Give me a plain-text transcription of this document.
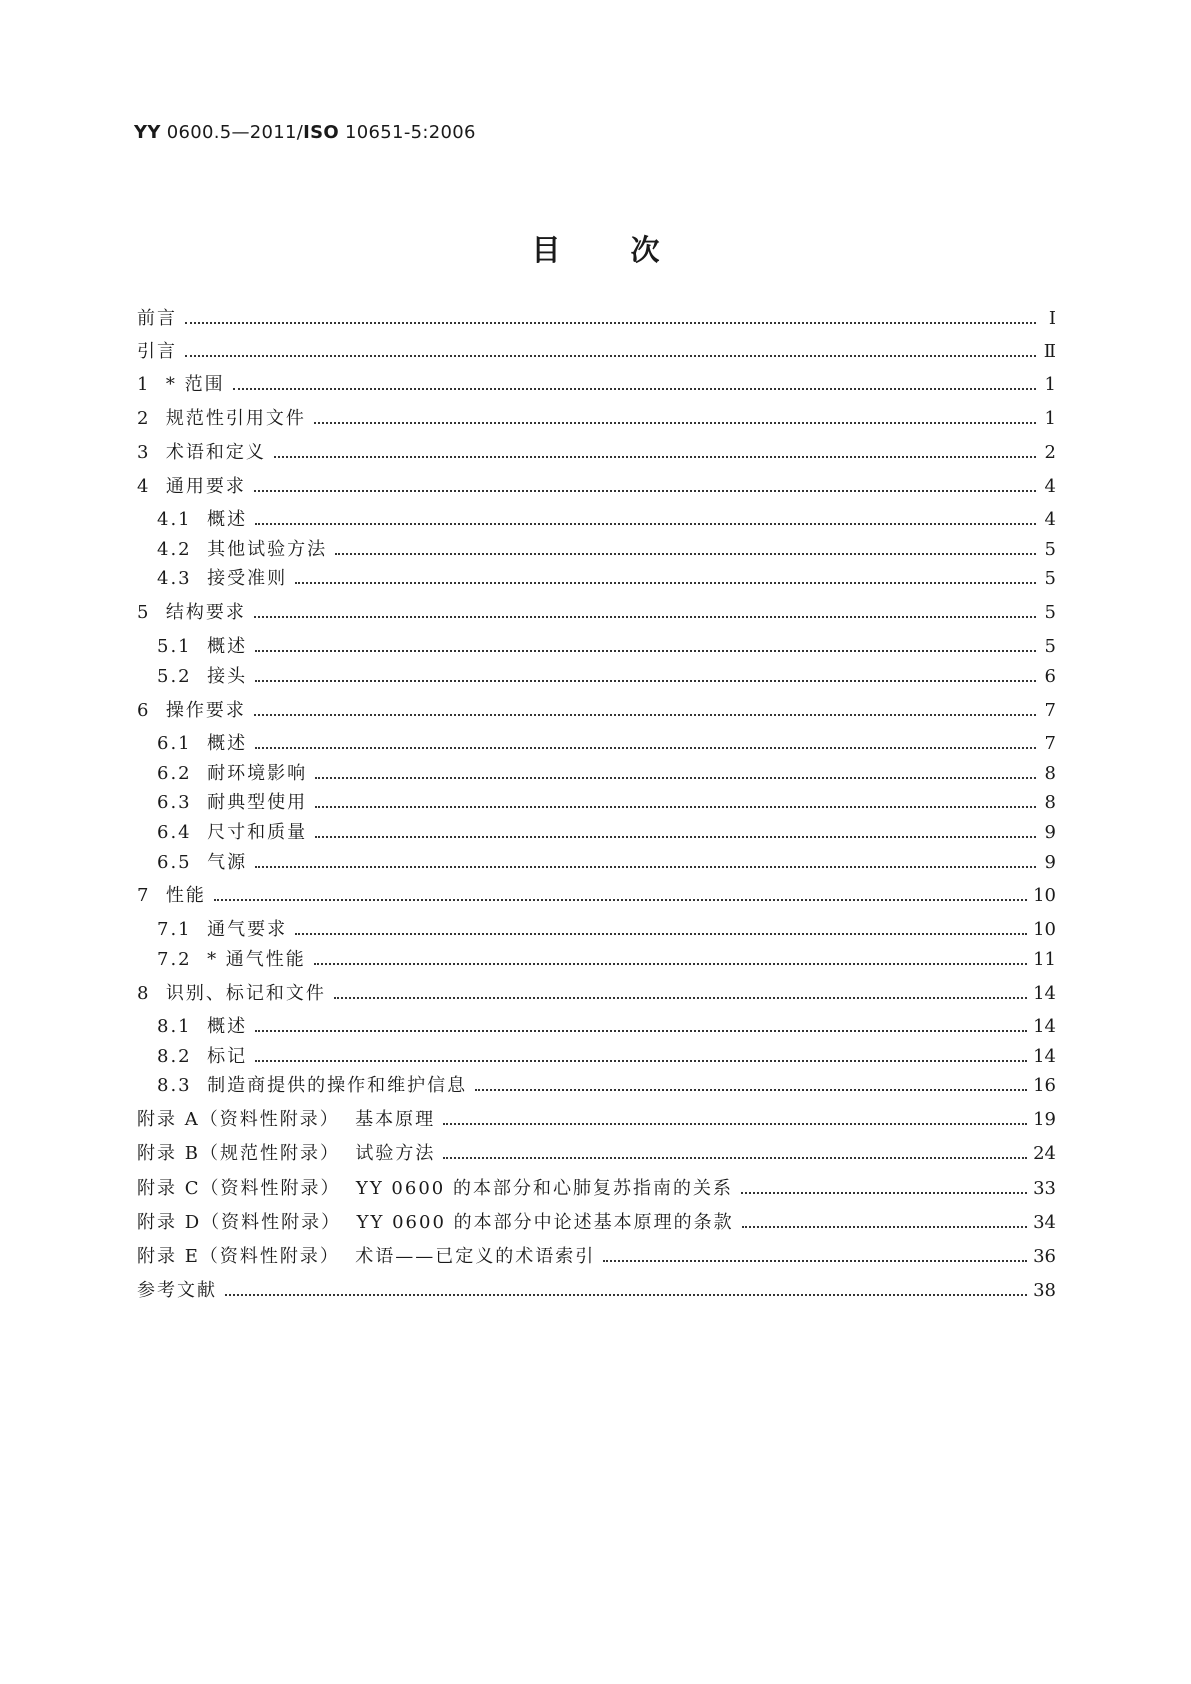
YY 0600.5—2011/ISO 10651-5:2006
目 次
前言	Ⅰ
引言	Ⅱ
1 * 范围	1
2 规范性引用文件	1
3 术语和定义	2
4 通用要求	4
4.1 概述	4
4.2 其他试验方法	5
4.3 接受准则	5
5 结构要求	5
5.1 概述	5
5.2 接头	6
6 操作要求	7
6.1 概述	7
6.2 耐环境影响	8
6.3 耐典型使用	8
6.4 尺寸和质量	9
6.5 气源	9
7 性能	10
7.1 通气要求	10
7.2 * 通气性能	11
8 识别、标记和文件	14
8.1 概述	14
8.2 标记	14
8.3 制造商提供的操作和维护信息	16
附录 A（资料性附录）  基本原理	19
附录 B（规范性附录）  试验方法	24
附录 C（资料性附录）  YY 0600 的本部分和心肺复苏指南的关系	33
附录 D（资料性附录）  YY 0600 的本部分中论述基本原理的条款	34
附录 E（资料性附录）  术语——已定义的术语索引	36
参考文献	38
